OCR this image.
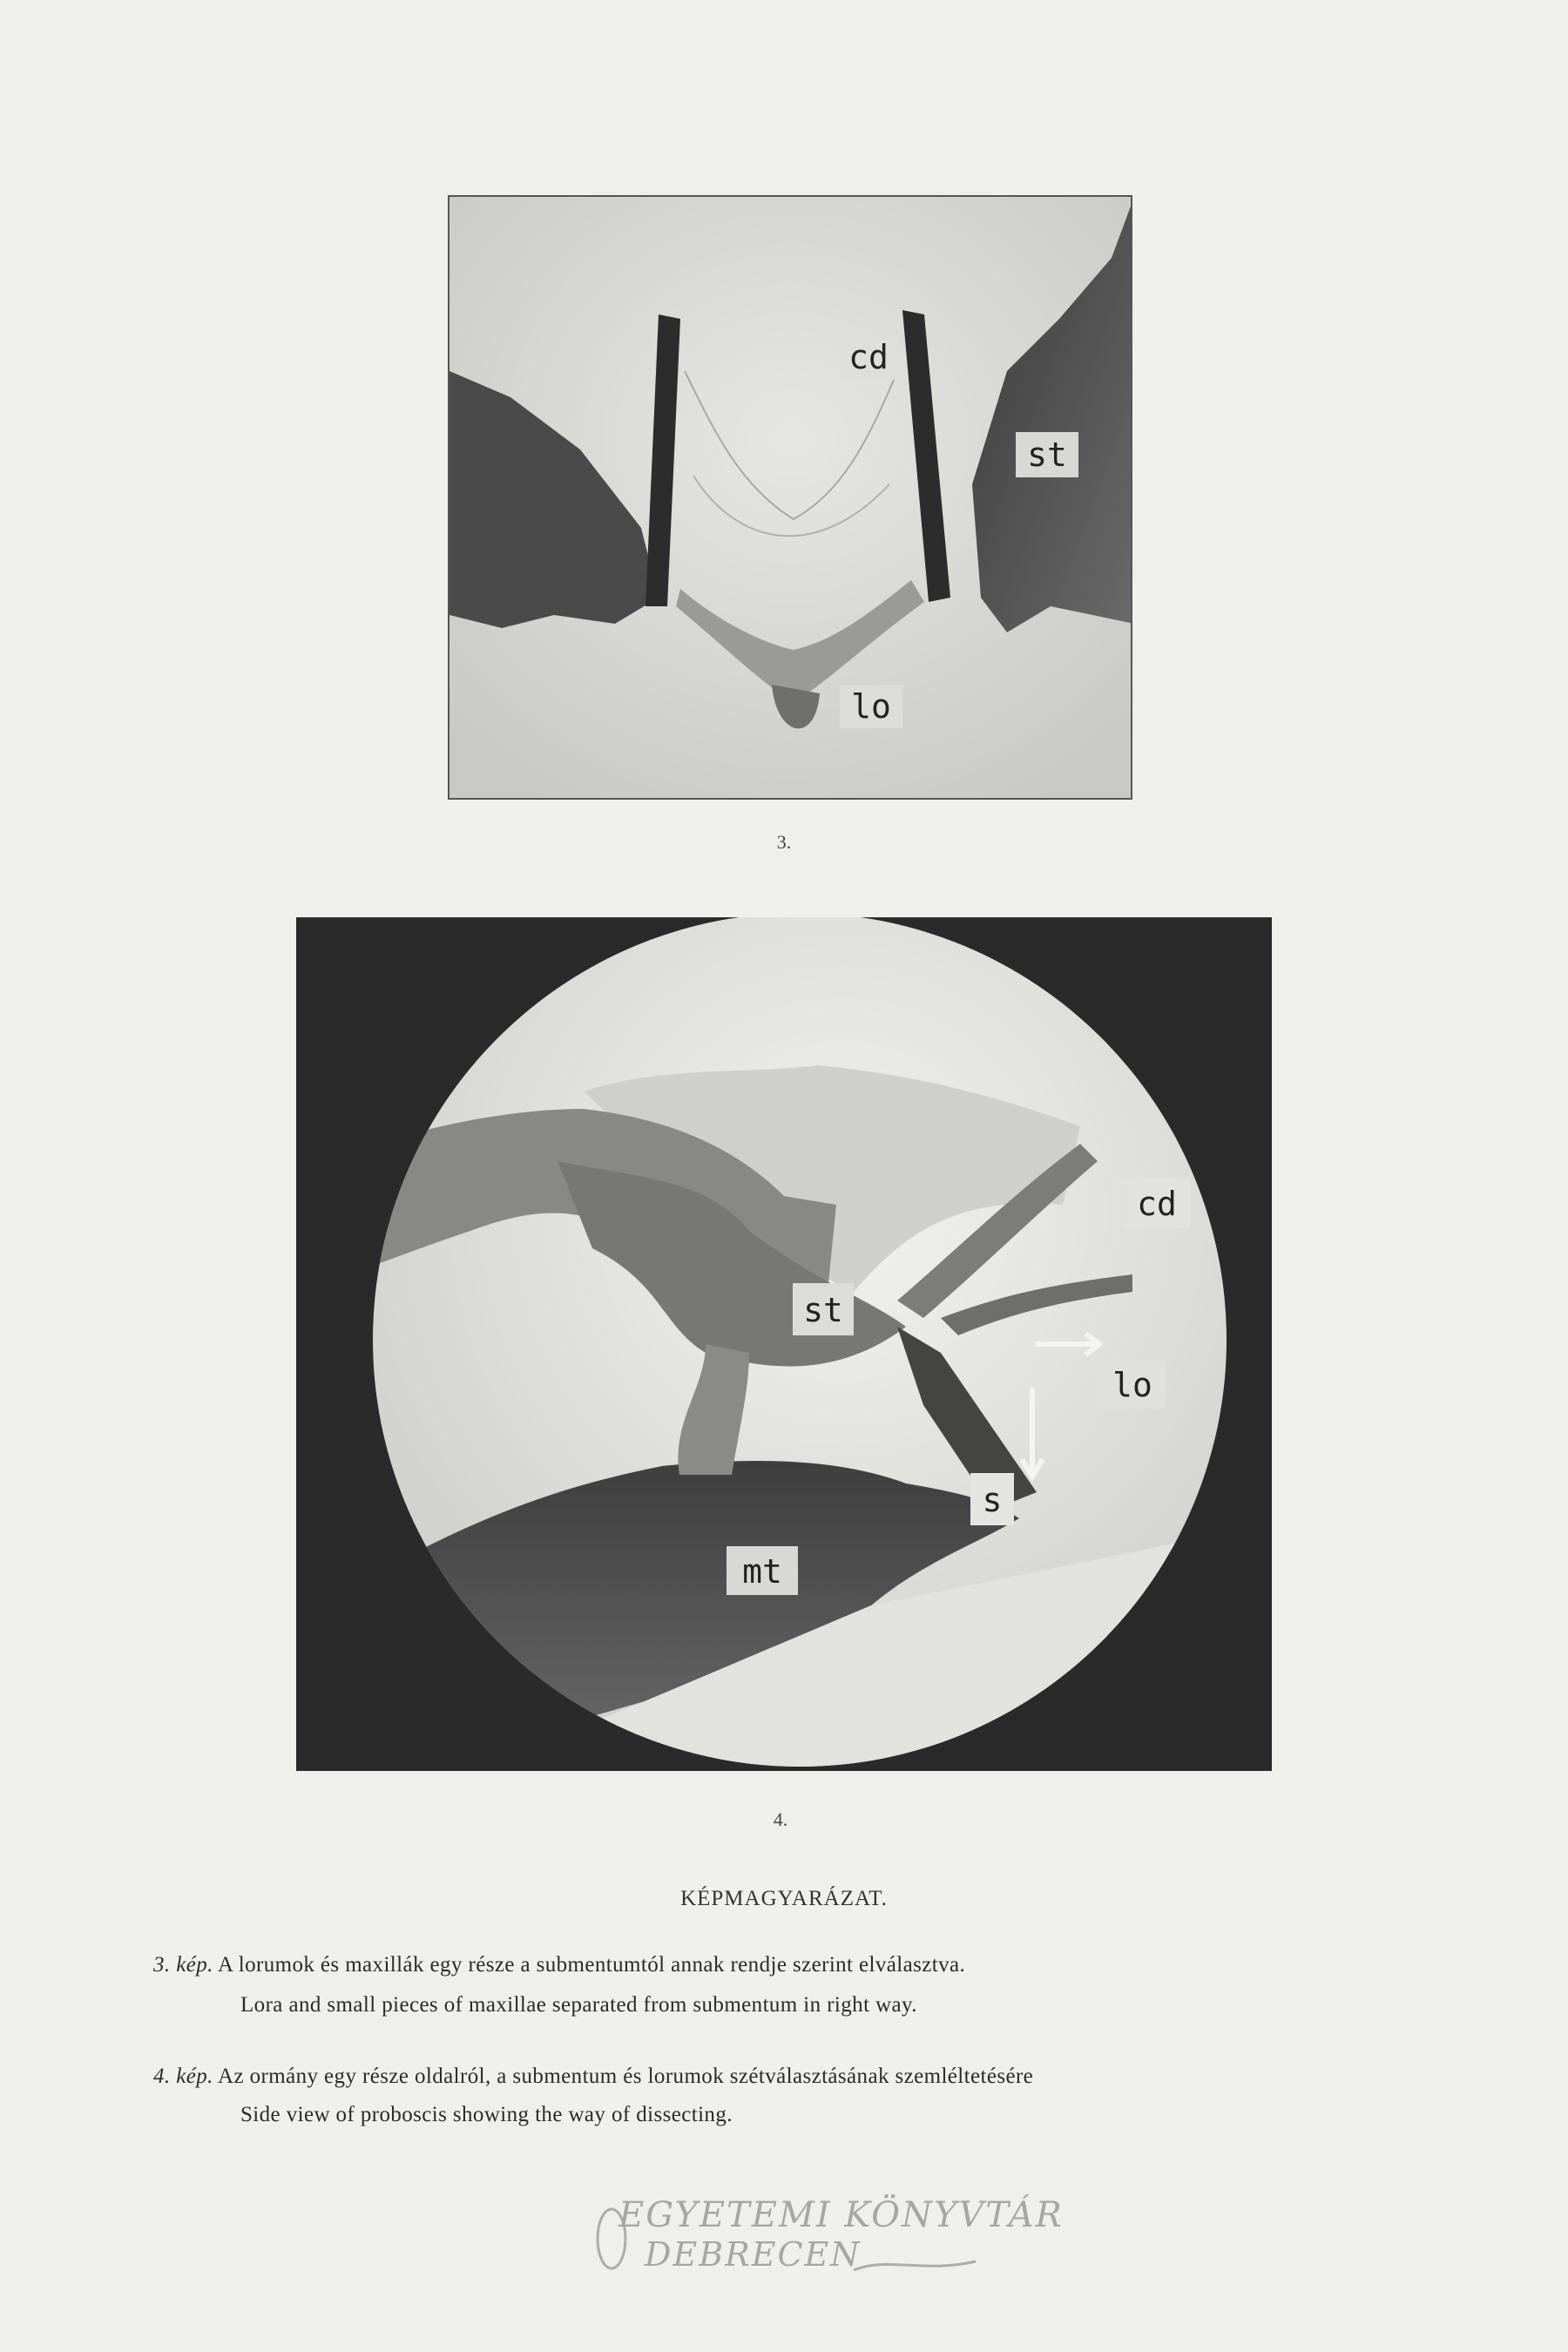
cd
st
lo
3.
st
cd
lo
s
mt
4.
KÉPMAGYARÁZAT.
3. kép. A lorumok és maxillák egy része a submentumtól annak rendje szerint elválasztva.
Lora and small pieces of maxillae separated from submentum in right way.
4. kép. Az ormány egy része oldalról, a submentum és lorumok szétválasztásának szemléltetésére
Side view of proboscis showing the way of dissecting.
EGYETEMI KÖNYVTÁR
DEBRECEN
